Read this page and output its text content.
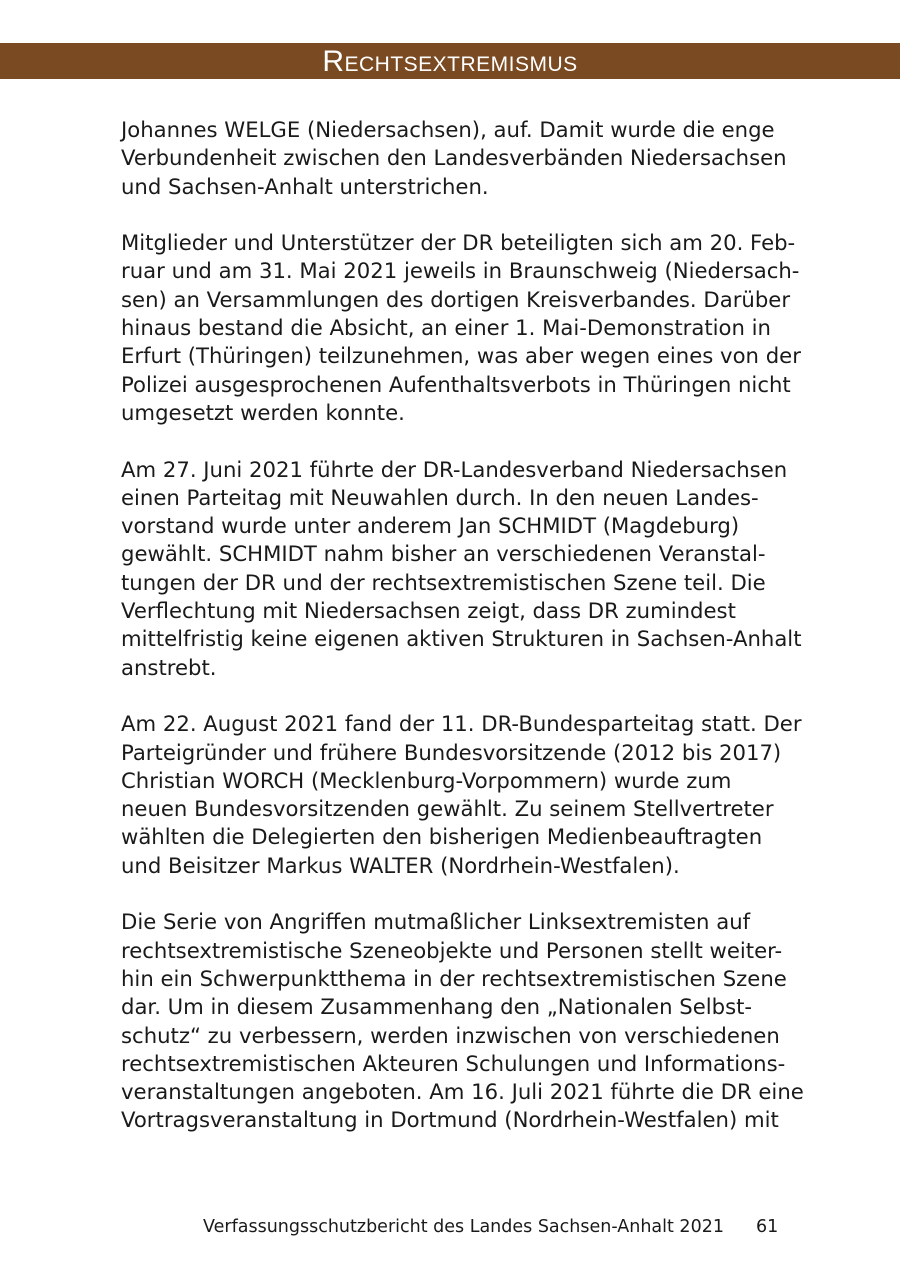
Rechtsextremismus

Johannes WELGE (Niedersachsen), auf. Damit wurde die enge
Verbundenheit zwischen den Landesverbänden Niedersachsen
und Sachsen-Anhalt unterstrichen.

Mitglieder und Unterstützer der DR beteiligten sich am 20. Feb-
ruar und am 31. Mai 2021 jeweils in Braunschweig (Niedersach-
sen) an Versammlungen des dortigen Kreisverbandes. Darüber
hinaus bestand die Absicht, an einer 1. Mai-Demonstration in
Erfurt (Thüringen) teilzunehmen, was aber wegen eines von der
Polizei ausgesprochenen Aufenthaltsverbots in Thüringen nicht
umgesetzt werden konnte.

Am 27. Juni 2021 führte der DR-Landesverband Niedersachsen
einen Parteitag mit Neuwahlen durch. In den neuen Landes-
vorstand wurde unter anderem Jan SCHMIDT (Magdeburg)
gewählt. SCHMIDT nahm bisher an verschiedenen Veranstal-
tungen der DR und der rechtsextremistischen Szene teil. Die
Verflechtung mit Niedersachsen zeigt, dass DR zumindest
mittelfristig keine eigenen aktiven Strukturen in Sachsen-Anhalt
anstrebt.

Am 22. August 2021 fand der 11. DR-Bundesparteitag statt. Der
Parteigründer und frühere Bundesvorsitzende (2012 bis 2017)
Christian WORCH (Mecklenburg-Vorpommern) wurde zum
neuen Bundesvorsitzenden gewählt. Zu seinem Stellvertreter
wählten die Delegierten den bisherigen Medienbeauftragten
und Beisitzer Markus WALTER (Nordrhein-Westfalen).

Die Serie von Angriffen mutmaßlicher Linksextremisten auf
rechtsextremistische Szeneobjekte und Personen stellt weiter-
hin ein Schwerpunktthema in der rechtsextremistischen Szene
dar. Um in diesem Zusammenhang den „Nationalen Selbst-
schutz“ zu verbessern, werden inzwischen von verschiedenen
rechtsextremistischen Akteuren Schulungen und Informations-
veranstaltungen angeboten. Am 16. Juli 2021 führte die DR eine
Vortragsveranstaltung in Dortmund (Nordrhein-Westfalen) mit

Verfassungsschutzbericht des Landes Sachsen-Anhalt 2021 61
